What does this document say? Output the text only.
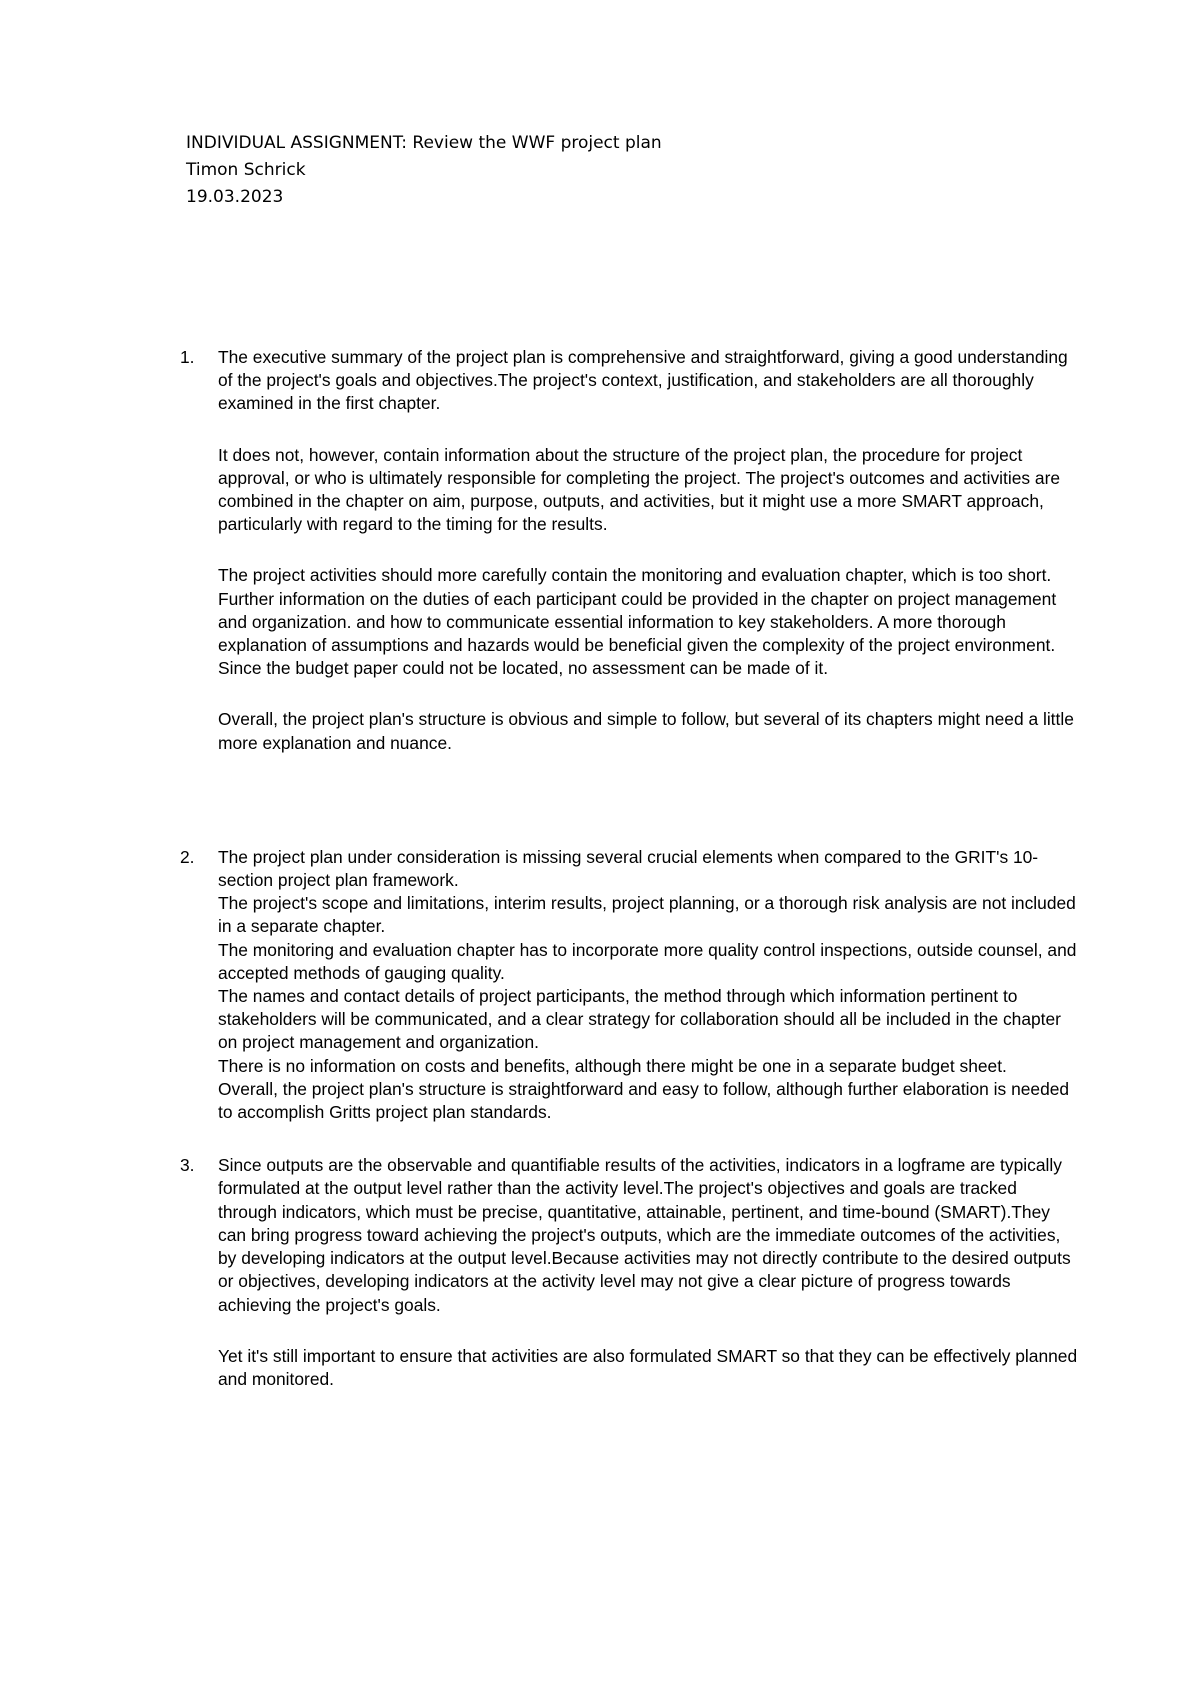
INDIVIDUAL ASSIGNMENT: Review the WWF project plan
Timon Schrick
19.03.2023
1. The executive summary of the project plan is comprehensive and straightforward, giving a good understanding of the project's goals and objectives.The project's context, justification, and stakeholders are all thoroughly examined in the first chapter.

It does not, however, contain information about the structure of the project plan, the procedure for project approval, or who is ultimately responsible for completing the project. The project's outcomes and activities are combined in the chapter on aim, purpose, outputs, and activities, but it might use a more SMART approach, particularly with regard to the timing for the results.

The project activities should more carefully contain the monitoring and evaluation chapter, which is too short. Further information on the duties of each participant could be provided in the chapter on project management and organization. and how to communicate essential information to key stakeholders. A more thorough explanation of assumptions and hazards would be beneficial given the complexity of the project environment. Since the budget paper could not be located, no assessment can be made of it.

Overall, the project plan's structure is obvious and simple to follow, but several of its chapters might need a little more explanation and nuance.

2. The project plan under consideration is missing several crucial elements when compared to the GRIT's 10-section project plan framework.

The project's scope and limitations, interim results, project planning, or a thorough risk analysis are not included in a separate chapter.

The monitoring and evaluation chapter has to incorporate more quality control inspections, outside counsel, and accepted methods of gauging quality.

The names and contact details of project participants, the method through which information pertinent to stakeholders will be communicated, and a clear strategy for collaboration should all be included in the chapter on project management and organization.

There is no information on costs and benefits, although there might be one in a separate budget sheet.

Overall, the project plan's structure is straightforward and easy to follow, although further elaboration is needed to accomplish Gritts project plan standards.

3. Since outputs are the observable and quantifiable results of the activities, indicators in a logframe are typically formulated at the output level rather than the activity level.The project's objectives and goals are tracked through indicators, which must be precise, quantitative, attainable, pertinent, and time-bound (SMART).They can bring progress toward achieving the project's outputs, which are the immediate outcomes of the activities, by developing indicators at the output level.Because activities may not directly contribute to the desired outputs or objectives, developing indicators at the activity level may not give a clear picture of progress towards achieving the project's goals.

Yet it's still important to ensure that activities are also formulated SMART so that they can be effectively planned and monitored.
